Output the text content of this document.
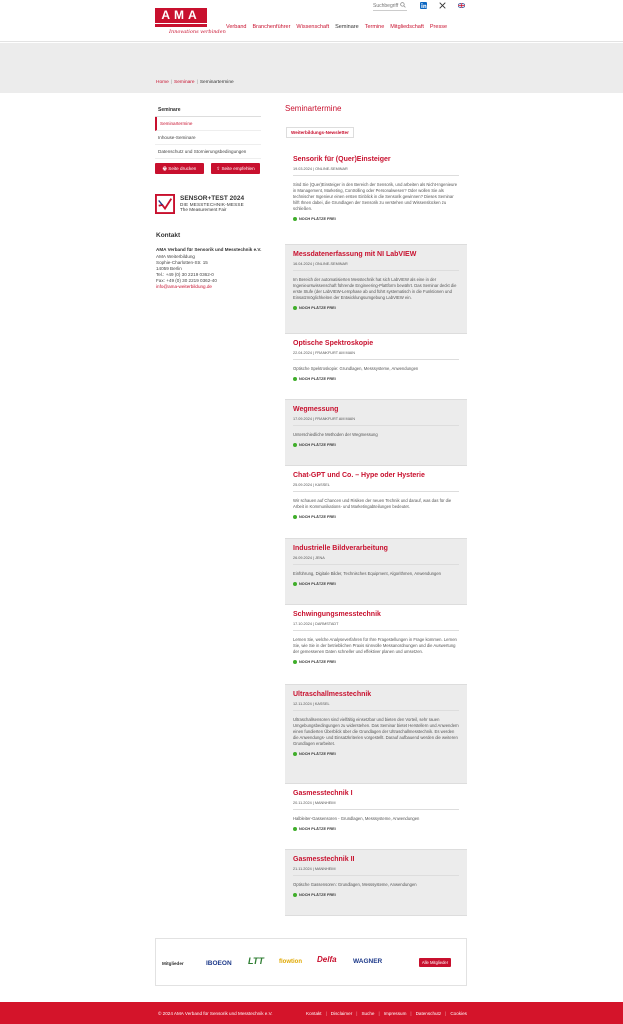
AMA
Innovations verbinden
Suchbegriff
Verband Branchenführer Wissenschaft Seminare Termine Mitgliedschaft Presse
Home | Seminare | Seminartermine
Seminare
Seminartermine
Inhouse-Seminare
Datenschutz und Stornierungsbedingungen
🖶 Seite drucken	⇪ Seite empfehlen
SENSOR+TEST 2024
DIE MESSTECHNIK-MESSE
The Measurement Fair
Kontakt
AMA Verband für Sensorik und Messtechnik e.V.
AMA Weiterbildung
Sophie-Charlotten-Str. 15
14059 Berlin
Tel.: +49 (0) 30 2219 0362-0
Fax: +49 (0) 30 2219 0362-40
info@ama-weiterbildung.de
Seminartermine
Weiterbildungs-Newsletter
Sensorik für (Quer)Einsteiger
19.03.2024 | ONLINE-SEMINAR
Sind Sie (Quer)Einsteiger in den Bereich der Sensorik, und arbeiten als Nicht-Ingenieure in Management, Marketing, Controlling oder Personalwesen? Oder wollen Sie als technischer Ingenieur einen ersten Einblick in die Sensorik gewinnen? Dieses Seminar hilft Ihnen dabei, die Grundlagen der Sensorik zu verstehen und Wissenslücken zu schließen.
NOCH PLÄTZE FREI
Messdatenerfassung mit NI LabVIEW
16.04.2024 | ONLINE-SEMINAR
Im Bereich der automatisierten Messtechnik hat sich LabVIEW als eine in der Ingenieurswissenschaft führende Engineering-Plattform bewährt. Das Seminar deckt die erste Stufe (der LabVIEW-Lernphase ab und führt systematisch in die Funktionen und Einsatzmöglichkeiten der Entwicklungsumgebung LabVIEW ein.
NOCH PLÄTZE FREI
Optische Spektroskopie
22.04.2024 | FRANKFURT AM MAIN
Optische Spektroskopie: Grundlagen, Messsysteme, Anwendungen
NOCH PLÄTZE FREI
Wegmessung
17.09.2024 | FRANKFURT AM MAIN
Unterschiedliche Methoden der Wegmessung
NOCH PLÄTZE FREI
Chat-GPT und Co. – Hype oder Hysterie
25.09.2024 | KASSEL
Wir schauen auf Chancen und Risiken der neuen Technik und darauf, was das für die Arbeit in Kommunikations- und Marketingabteilungen bedeutet.
NOCH PLÄTZE FREI
Industrielle Bildverarbeitung
26.09.2024 | JENA
Einführung, Digitale Bilder, Technisches Equipment, Algorithmen, Anwendungen
NOCH PLÄTZE FREI
Schwingungsmesstechnik
17.10.2024 | DARMSTADT
Lernen Sie, welche Analyseverfahren für Ihre Fragestellungen in Frage kommen. Lernen Sie, wie Sie in der betrieblichen Praxis sinnvolle Messanordnungen und die Auswertung der gemessenen Daten schneller und effektiver planen und umsetzen.
NOCH PLÄTZE FREI
Ultraschallmesstechnik
12.11.2024 | KASSEL
Ultraschallsensoren sind vielfältig einsetzbar und bieten den Vorteil, sehr rauen Umgebungsbedingungen zu widerstehen. Das Seminar bietet Herstellern und Anwendern einen fundierten Überblick über die Grundlagen der Ultraschallmesstechnik. Es werden die Anwendungs- und Einsatzkriterien vorgestellt. Darauf aufbauend werden die weiteren Grundlagen erarbeitet.
NOCH PLÄTZE FREI
Gasmesstechnik I
20.11.2024 | MANNHEIM
Halbleiter-Gassensoren - Grundlagen, Messsysteme, Anwendungen
NOCH PLÄTZE FREI
Gasmesstechnik II
21.11.2024 | MANNHEIM
Optische Gassensoren: Grundlagen, Messsysteme, Anwendungen
NOCH PLÄTZE FREI
Mitglieder	IBOEON LTT	flowtion Delfa	WAGNER	Alle Mitglieder
© 2024 AMA Verband für Sensorik und Messtechnik e.V.	Kontakt | Disclaimer | Suche | Impressum | Datenschutz | Cookies
